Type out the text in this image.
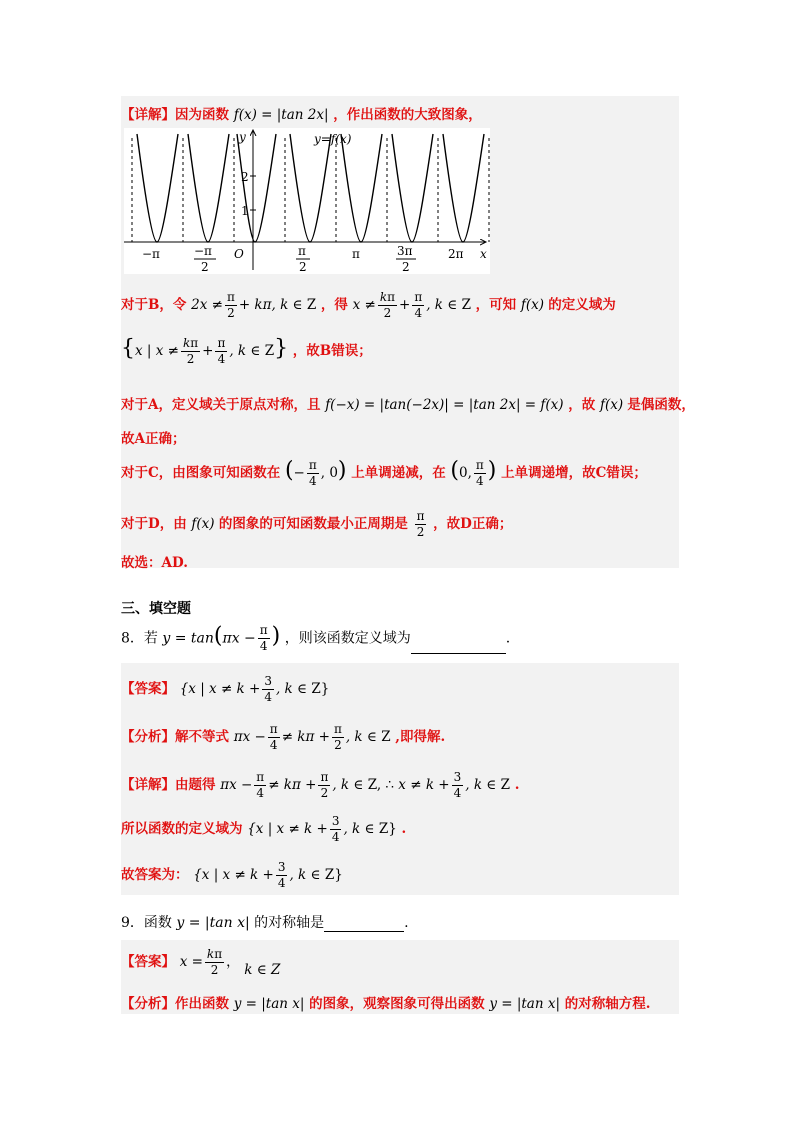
【详解】因为函数 f(x) = |tan 2x| ，作出函数的大致图象，
y	y=f(x)
2
1
O	x
−π	−π
2
π
2
π	3π
2
2π
对于B，令 $2x \ne \frac{\pi}{2} + k\pi$, k ∈ Z ，得 $x \ne \frac{k\pi}{2} + \frac{\pi}{4}$ , k ∈ Z ，可知 f(x) 的定义域为
{x | $x \ne \frac{k\pi}{2} + \frac{\pi}{4}$ , k ∈ Z} ，故B错误；
对于A，定义域关于原点对称，且 f(−x) = |tan(−2x)| = |tan 2x| = f(x) ，故 f(x) 是偶函数，
故A正确；
对于C，由图象可知函数在 (− $\frac{\pi}{4}$ , 0) 上单调递减，在 (0, $\frac{\pi}{4}$ ) 上单调递增，故C错误；
对于D，由 f(x) 的图象的可知函数最小正周期是 $\frac{\pi}{2}$ ，故D正确；
故选：AD.
三、填空题
8．若 $y = \tan(\pi x - \frac{\pi}{4}$ ) ，则该函数定义域为	.
【答案】 {x | $x \ne k + \frac{3}{4}$ , k ∈ Z}
【分析】解不等式 $\pi x - \frac{\pi}{4} \ne k\pi + \frac{\pi}{2}$ , k ∈ Z ,即得解.
【详解】由题得 $\pi x - \frac{\pi}{4} \ne k\pi + \frac{\pi}{2}$ , k ∈ Z, ∴ $x \ne k + \frac{3}{4}$ , k ∈ Z .
所以函数的定义域为 {x | $x \ne k + \frac{3}{4}$ , k ∈ Z} .
故答案为： {x | $x \ne k + \frac{3}{4}$ , k ∈ Z}
9．函数 y = |tan x| 的对称轴是	.
【答案】 $x = \frac{k\pi}{2}$ ， k ∈ Z
【分析】作出函数 y = |tan x| 的图象，观察图象可得出函数 y = |tan x| 的对称轴方程.
